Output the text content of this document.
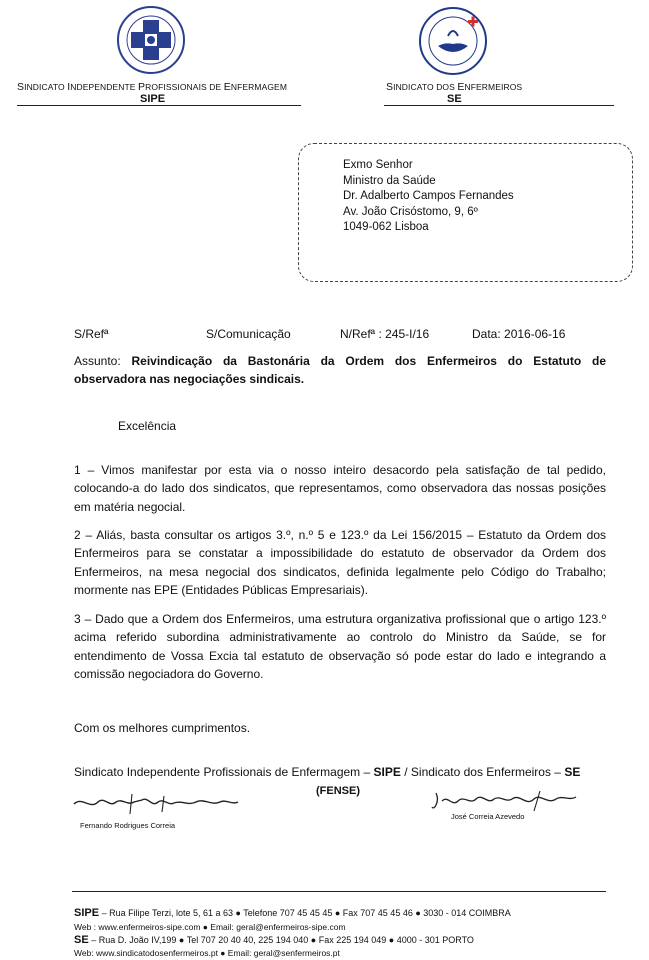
SINDICATO INDEPENDENTE PROFISSIONAIS DE ENFERMAGEM
SIPE
SINDICATO DOS ENFERMEIROS
SE
Exmo Senhor
Ministro da Saúde
Dr. Adalberto Campos Fernandes
Av. João Crisóstomo, 9, 6º
1049-062 Lisboa
S/Refª	S/Comunicação	N/Refª : 245-I/16	Data: 2016-06-16
Assunto: Reivindicação da Bastonária da Ordem dos Enfermeiros do Estatuto de observadora nas negociações sindicais.
Excelência
1 – Vimos manifestar por esta via o nosso inteiro desacordo pela satisfação de tal pedido, colocando-a do lado dos sindicatos, que representamos, como observadora das nossas posições em matéria negocial.
2 – Aliás, basta consultar os artigos 3.º, n.º 5 e 123.º da Lei 156/2015 – Estatuto da Ordem dos Enfermeiros para se constatar a impossibilidade do estatuto de observador da Ordem dos Enfermeiros, na mesa negocial dos sindicatos, definida legalmente pelo Código do Trabalho; mormente nas EPE (Entidades Públicas Empresariais).
3 – Dado que a Ordem dos Enfermeiros, uma estrutura organizativa profissional que o artigo 123.º acima referido subordina administrativamente ao controlo do Ministro da Saúde, se for entendimento de Vossa Excia tal estatuto de observação só pode estar do lado e integrando a comissão negociadora do Governo.
Com os melhores cumprimentos.
Sindicato Independente Profissionais de Enfermagem – SIPE / Sindicato dos Enfermeiros – SE
(FENSE)
Fernando Rodrigues Correia
José Correia Azevedo
SIPE – Rua Filipe Terzi, lote 5, 61 a 63 ● Telefone 707 45 45 45 ● Fax 707 45 45 46 ● 3030 - 014 COIMBRA
Web : www.enfermeiros-sipe.com ● Email: geral@enfermeiros-sipe.com
SE – Rua D. João IV,199 ● Tel 707 20 40 40, 225 194 040 ● Fax 225 194 049 ● 4000 - 301 PORTO
Web: www.sindicatodosenfermeiros.pt ● Email: geral@senfermeiros.pt
